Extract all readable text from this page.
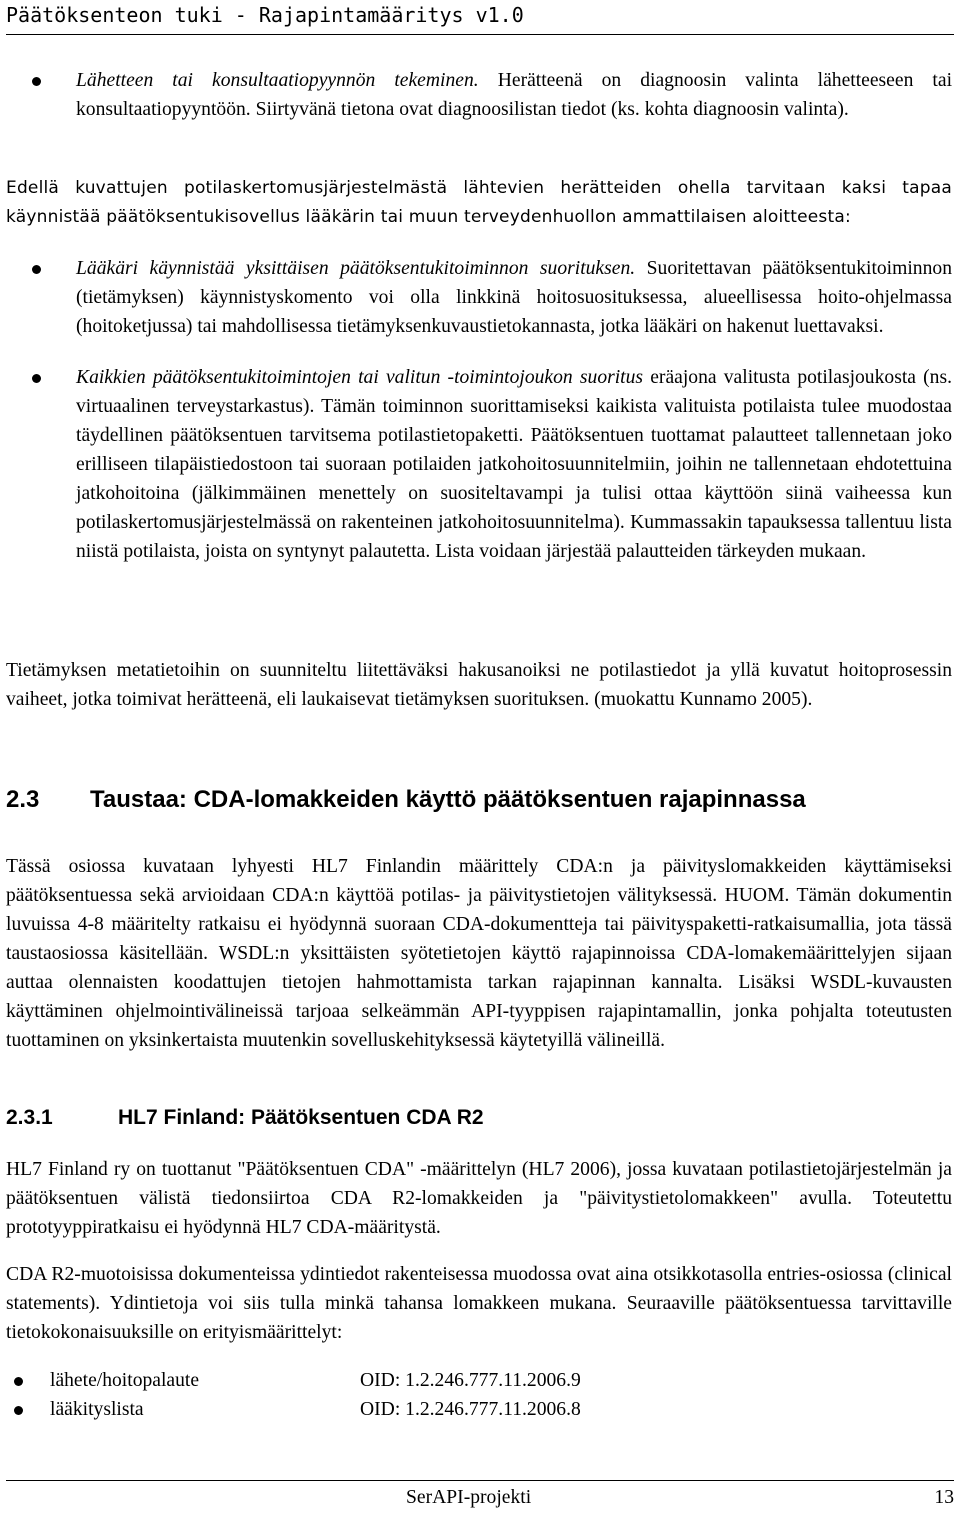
Päätöksenteon tuki - Rajapintamääritys v1.0

Lähetteen tai konsultaatiopyynnön tekeminen. Herätteenä on diagnoosin valinta lähetteeseen tai konsultaatiopyyntöön. Siirtyvänä tietona ovat diagnoosilistan tiedot (ks. kohta diagnoosin valinta).

Edellä kuvattujen potilaskertomusjärjestelmästä lähtevien herätteiden ohella tarvitaan kaksi tapaa käynnistää päätöksentukisovellus lääkärin tai muun terveydenhuollon ammattilaisen aloitteesta:

Lääkäri käynnistää yksittäisen päätöksentukitoiminnon suorituksen. Suoritettavan päätöksentukitoiminnon (tietämyksen) käynnistyskomento voi olla linkkinä hoitosuosituksessa, alueellisessa hoito-ohjelmassa (hoitoketjussa) tai mahdollisessa tietämyksenkuvaustietokannasta, jotka lääkäri on hakenut luettavaksi.

Kaikkien päätöksentukitoimintojen tai valitun -toimintojoukon suoritus eräajona valitusta potilasjoukosta (ns. virtuaalinen terveystarkastus). Tämän toiminnon suorittamiseksi kaikista valituista potilaista tulee muodostaa täydellinen päätöksentuen tarvitsema potilastietopaketti. Päätöksentuen tuottamat palautteet tallennetaan joko erilliseen tilapäistiedostoon tai suoraan potilaiden jatkohoitosuunnitelmiin, joihin ne tallennetaan ehdotettuina jatkohoitoina (jälkimmäinen menettely on suositeltavampi ja tulisi ottaa käyttöön siinä vaiheessa kun potilaskertomusjärjestelmässä on rakenteinen jatkohoitosuunnitelma). Kummassakin tapauksessa tallentuu lista niistä potilaista, joista on syntynyt palautetta. Lista voidaan järjestää palautteiden tärkeyden mukaan.

Tietämyksen metatietoihin on suunniteltu liitettäväksi hakusanoiksi ne potilastiedot ja yllä kuvatut hoitoprosessin vaiheet, jotka toimivat herätteenä, eli laukaisevat tietämyksen suorituksen. (muokattu Kunnamo 2005).

2.3 Taustaa: CDA-lomakkeiden käyttö päätöksentuen rajapinnassa

Tässä osiossa kuvataan lyhyesti HL7 Finlandin määrittely CDA:n ja päivityslomakkeiden käyttämiseksi päätöksentuessa sekä arvioidaan CDA:n käyttöä potilas- ja päivitystietojen välityksessä. HUOM. Tämän dokumentin luvuissa 4-8 määritelty ratkaisu ei hyödynnä suoraan CDA-dokumentteja tai päivityspaketti-ratkaisumallia, jota tässä taustaosiossa käsitellään. WSDL:n yksittäisten syötetietojen käyttö rajapinnoissa CDA-lomakemäärittelyjen sijaan auttaa olennaisten koodattujen tietojen hahmottamista tarkan rajapinnan kannalta. Lisäksi WSDL-kuvausten käyttäminen ohjelmointivälineissä tarjoaa selkeämmän API-tyyppisen rajapintamallin, jonka pohjalta toteutusten tuottaminen on yksinkertaista muutenkin sovelluskehityksessä käytetyillä välineillä.

2.3.1	HL7 Finland: Päätöksentuen CDA R2

HL7 Finland ry on tuottanut "Päätöksentuen CDA" -määrittelyn (HL7 2006), jossa kuvataan potilastietojärjestelmän ja päätöksentuen välistä tiedonsiirtoa CDA R2-lomakkeiden ja "päivitystietolomakkeen" avulla. Toteutettu prototyyppiratkaisu ei hyödynnä HL7 CDA-määritystä.

CDA R2-muotoisissa dokumenteissa ydintiedot rakenteisessa muodossa ovat aina otsikkotasolla entries-osiossa (clinical statements). Ydintietoja voi siis tulla minkä tahansa lomakkeen mukana. Seuraaville päätöksentuessa tarvittaville tietokokonaisuuksille on erityismäärittelyt:

lähete/hoitopalaute	OID: 1.2.246.777.11.2006.9
lääkityslista	OID: 1.2.246.777.11.2006.8
SerAPI-projekti	13
